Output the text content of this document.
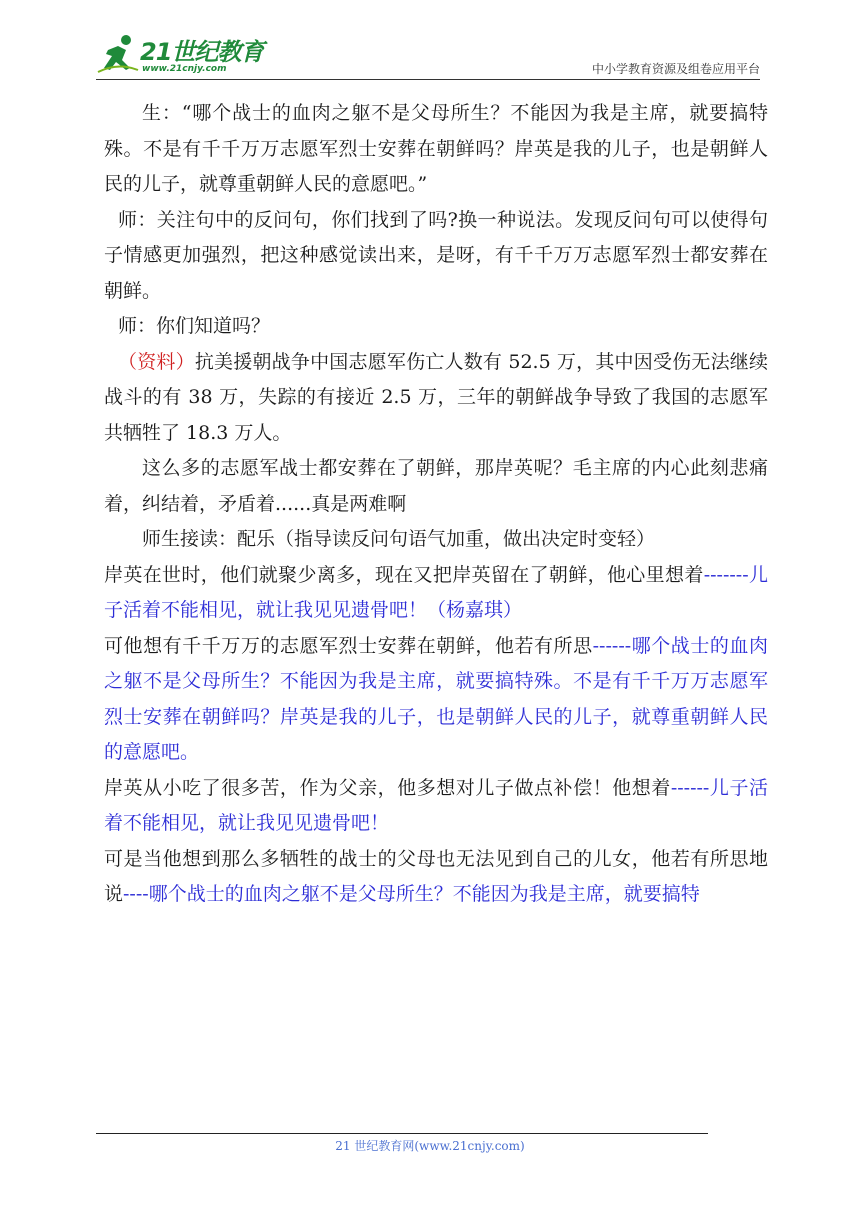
21世纪教育
www.21cnjy.com	中小学教育资源及组卷应用平台

生：“哪个战士的血肉之躯不是父母所生？不能因为我是主席，就要搞特殊。不是有千千万万志愿军烈士安葬在朝鲜吗？岸英是我的儿子，也是朝鲜人民的儿子，就尊重朝鲜人民的意愿吧。”

师：关注句中的反问句，你们找到了吗?换一种说法。发现反问句可以使得句子情感更加强烈，把这种感觉读出来，是呀，有千千万万志愿军烈士都安葬在朝鲜。

师：你们知道吗？

（资料）抗美援朝战争中国志愿军伤亡人数有 52.5 万，其中因受伤无法继续战斗的有 38 万，失踪的有接近 2.5 万，三年的朝鲜战争导致了我国的志愿军共牺牲了 18.3 万人。

这么多的志愿军战士都安葬在了朝鲜，那岸英呢？毛主席的内心此刻悲痛着，纠结着，矛盾着......真是两难啊

师生接读：配乐（指导读反问句语气加重，做出决定时变轻）

岸英在世时，他们就聚少离多，现在又把岸英留在了朝鲜，他心里想着-------儿子活着不能相见，就让我见见遗骨吧！（杨嘉琪）

可他想有千千万万的志愿军烈士安葬在朝鲜，他若有所思------哪个战士的血肉之躯不是父母所生？不能因为我是主席，就要搞特殊。不是有千千万万志愿军烈士安葬在朝鲜吗？岸英是我的儿子，也是朝鲜人民的儿子，就尊重朝鲜人民的意愿吧。

岸英从小吃了很多苦，作为父亲，他多想对儿子做点补偿！他想着------儿子活着不能相见，就让我见见遗骨吧！

可是当他想到那么多牺牲的战士的父母也无法见到自己的儿女，他若有所思地说----哪个战士的血肉之躯不是父母所生？不能因为我是主席，就要搞特

21 世纪教育网(www.21cnjy.com)
